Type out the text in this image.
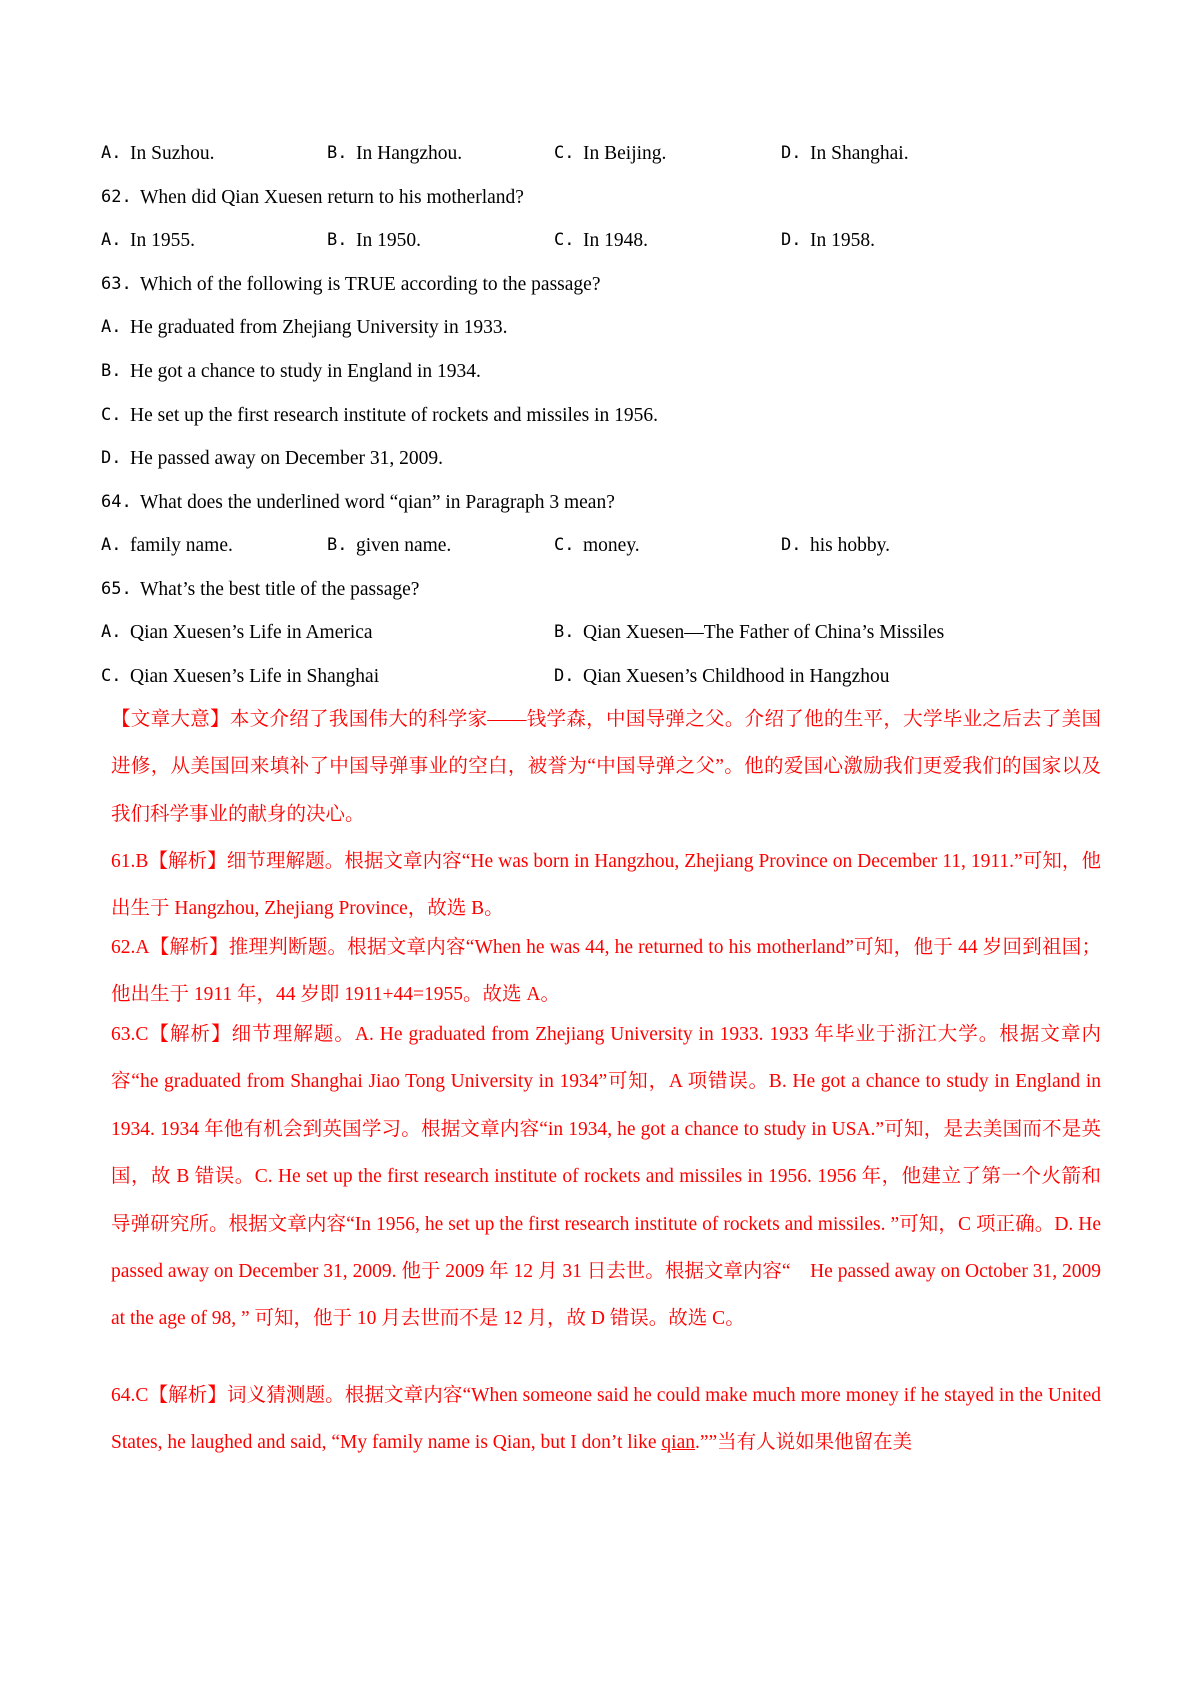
A. In Suzhou.	B. In Hangzhou.	C. In Beijing.	D. In Shanghai.
62. When did Qian Xuesen return to his motherland?
A. In 1955.	B. In 1950.	C. In 1948.	D. In 1958.
63. Which of the following is TRUE according to the passage?
A. He graduated from Zhejiang University in 1933.
B. He got a chance to study in England in 1934.
C. He set up the first research institute of rockets and missiles in 1956.
D. He passed away on December 31, 2009.
64. What does the underlined word “qian” in Paragraph 3 mean?
A. family name.	B. given name.	C. money.	D. his hobby.
65. What’s the best title of the passage?
A. Qian Xuesen’s Life in America	B. Qian Xuesen—The Father of China’s Missiles
C. Qian Xuesen’s Life in Shanghai	D. Qian Xuesen’s Childhood in Hangzhou
【文章大意】本文介绍了我国伟大的科学家——钱学森，中国导弹之父。介绍了他的生平，大学毕业之后去了美国进修，从美国回来填补了中国导弹事业的空白，被誉为“中国导弹之父”。他的爱国心激励我们更爱我们的国家以及我们科学事业的献身的决心。
61.B【解析】细节理解题。根据文章内容“He was born in Hangzhou, Zhejiang Province on December 11, 1911.”可知，他出生于 Hangzhou, Zhejiang Province，故选 B。
62.A【解析】推理判断题。根据文章内容“When he was 44, he returned to his motherland”可知，他于 44 岁回到祖国；他出生于 1911 年，44 岁即 1911+44=1955。故选 A。
63.C【解析】细节理解题。A. He graduated from Zhejiang University in 1933. 1933 年毕业于浙江大学。根据文章内容“he graduated from Shanghai Jiao Tong University in 1934”可知，A 项错误。B. He got a chance to study in England in 1934. 1934 年他有机会到英国学习。根据文章内容“in 1934, he got a chance to study in USA.”可知，是去美国而不是英国，故 B 错误。C. He set up the first research institute of rockets and missiles in 1956. 1956 年，他建立了第一个火箭和导弹研究所。根据文章内容“In 1956, he set up the first research institute of rockets and missiles. ”可知，C 项正确。D. He passed away on December 31, 2009. 他于 2009 年 12 月 31 日去世。根据文章内容“　He passed away on October 31, 2009 at the age of 98, ” 可知，他于 10 月去世而不是 12 月，故 D 错误。故选 C。
64.C【解析】词义猜测题。根据文章内容“When someone said he could make much more money if he stayed in the United States, he laughed and said, “My family name is Qian, but I don’t like qian.””当有人说如果他留在美
